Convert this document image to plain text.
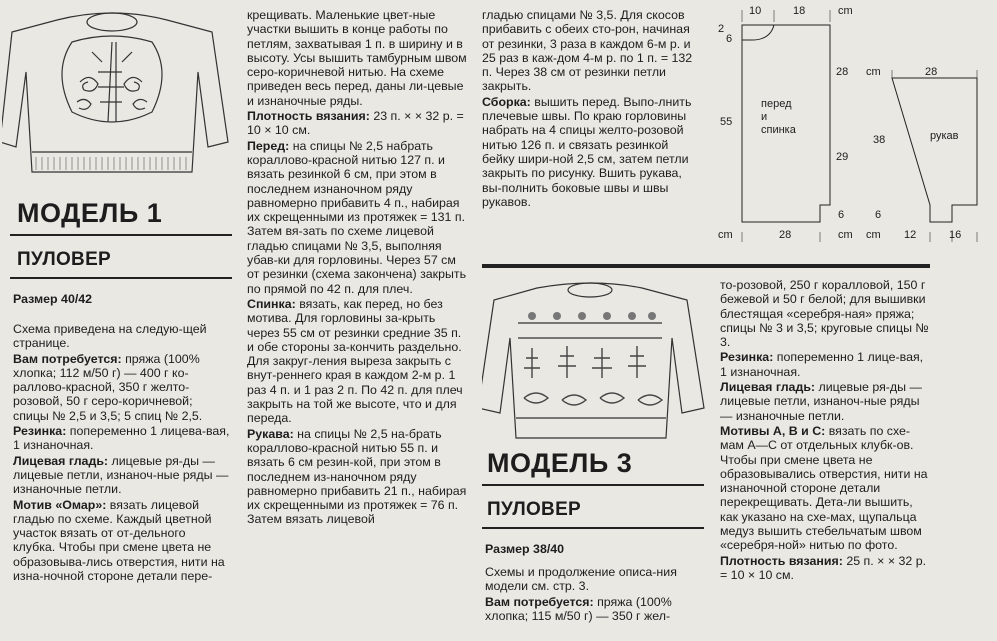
МОДЕЛЬ 1
ПУЛОВЕР
Размер 40/42

Схема приведена на следую-щей странице.

Вам потребуется: пряжа (100% хлопка; 112 м/50 г) — 400 г ко-раллово-красной, 350 г желто-розовой, 50 г серо-коричневой; спицы № 2,5 и 3,5; 5 спиц № 2,5.

Резинка: попеременно 1 лицева-вая, 1 изнаночная.

Лицевая гладь: лицевые ря-ды — лицевые петли, изнаноч-ные ряды — изнаночные петли.

Мотив «Омар»: вязать лицевой гладью по схеме. Каждый цветной участок вязать от от-дельного клубка. Чтобы при смене цвета не образовыва-лись отверстия, нити на изна-ночной стороне детали пере-

крещивать. Маленькие цвет-ные участки вышить в конце работы по петлям, захватывая 1 п. в ширину и в высоту. Усы вышить тамбурным швом серо-коричневой нитью. На схеме приведен весь перед, даны ли-цевые и изнаночные ряды.

Плотность вязания: 23 п. × × 32 р. = 10 × 10 см.

Перед: на спицы № 2,5 набрать кораллово-красной нитью 127 п. и вязать резинкой 6 см, при этом в последнем изнаночном ряду равномерно прибавить 4 п., набирая их скрещенными из протяжек = 131 п. Затем вя-зать по схеме лицевой гладью спицами № 3,5, выполняя убав-ки для горловины. Через 57 см от резинки (схема закончена) закрыть по прямой по 42 п. для плеч.

Спинка: вязать, как перед, но без мотива. Для горловины за-крыть через 55 см от резинки средние 35 п. и обе стороны за-кончить раздельно. Для закруг-ления выреза закрыть с внут-реннего края в каждом 2-м р. 1 раз 4 п. и 1 раз 2 п. По 42 п. для плеч закрыть на той же высоте, что и для переда.

Рукава: на спицы № 2,5 на-брать кораллово-красной нитью 55 п. и вязать 6 см резин-кой, при этом в последнем из-наночном ряду равномерно прибавить 21 п., набирая их скрещенными из протяжек = 76 п. Затем вязать лицевой

гладью спицами № 3,5. Для скосов прибавить с обеих сто-рон, начиная от резинки, 3 раза в каждом 6-м р. и 25 раз в каж-дом 4-м р. по 1 п. = 132 п. Через 38 см от резинки петли закрыть.

Сборка: вышить перед. Выпо-лнить плечевые швы. По краю горловины набрать на 4 спицы желто-розовой нитью 126 п. и связать резинкой бейку шири-ной 2,5 см, затем петли закрыть по рисунку. Вшить рукава, вы-полнить боковые швы и швы рукавов.

10	18	cm
2
6
55
28
29
6
cm	28	cm
перед
и
спинка
cm	28
38	рукав
6
cm 12	16
МОДЕЛЬ 3
ПУЛОВЕР
Размер 38/40

Схемы и продолжение описа-ния модели см. стр. 3.

Вам потребуется: пряжа (100% хлопка; 115 м/50 г) — 350 г жел-

то-розовой, 250 г коралловой, 150 г бежевой и 50 г белой; для вышивки блестящая «серебря-ная» пряжа; спицы № 3 и 3,5; круговые спицы № 3.

Резинка: попеременно 1 лице-вая, 1 изнаночная.

Лицевая гладь: лицевые ря-ды — лицевые петли, изнаноч-ные ряды — изнаночные петли.

Мотивы А, В и С: вязать по схе-мам А—С от отдельных клубк-ов. Чтобы при смене цвета не образовывались отверстия, нити на изнаночной стороне детали перекрещивать. Дета-ли вышить, как указано на схе-мах, щупальца медуз вышить стебельчатым швом «серебря-ной» нитью по фото.

Плотность вязания: 25 п. × × 32 р. = 10 × 10 см.
